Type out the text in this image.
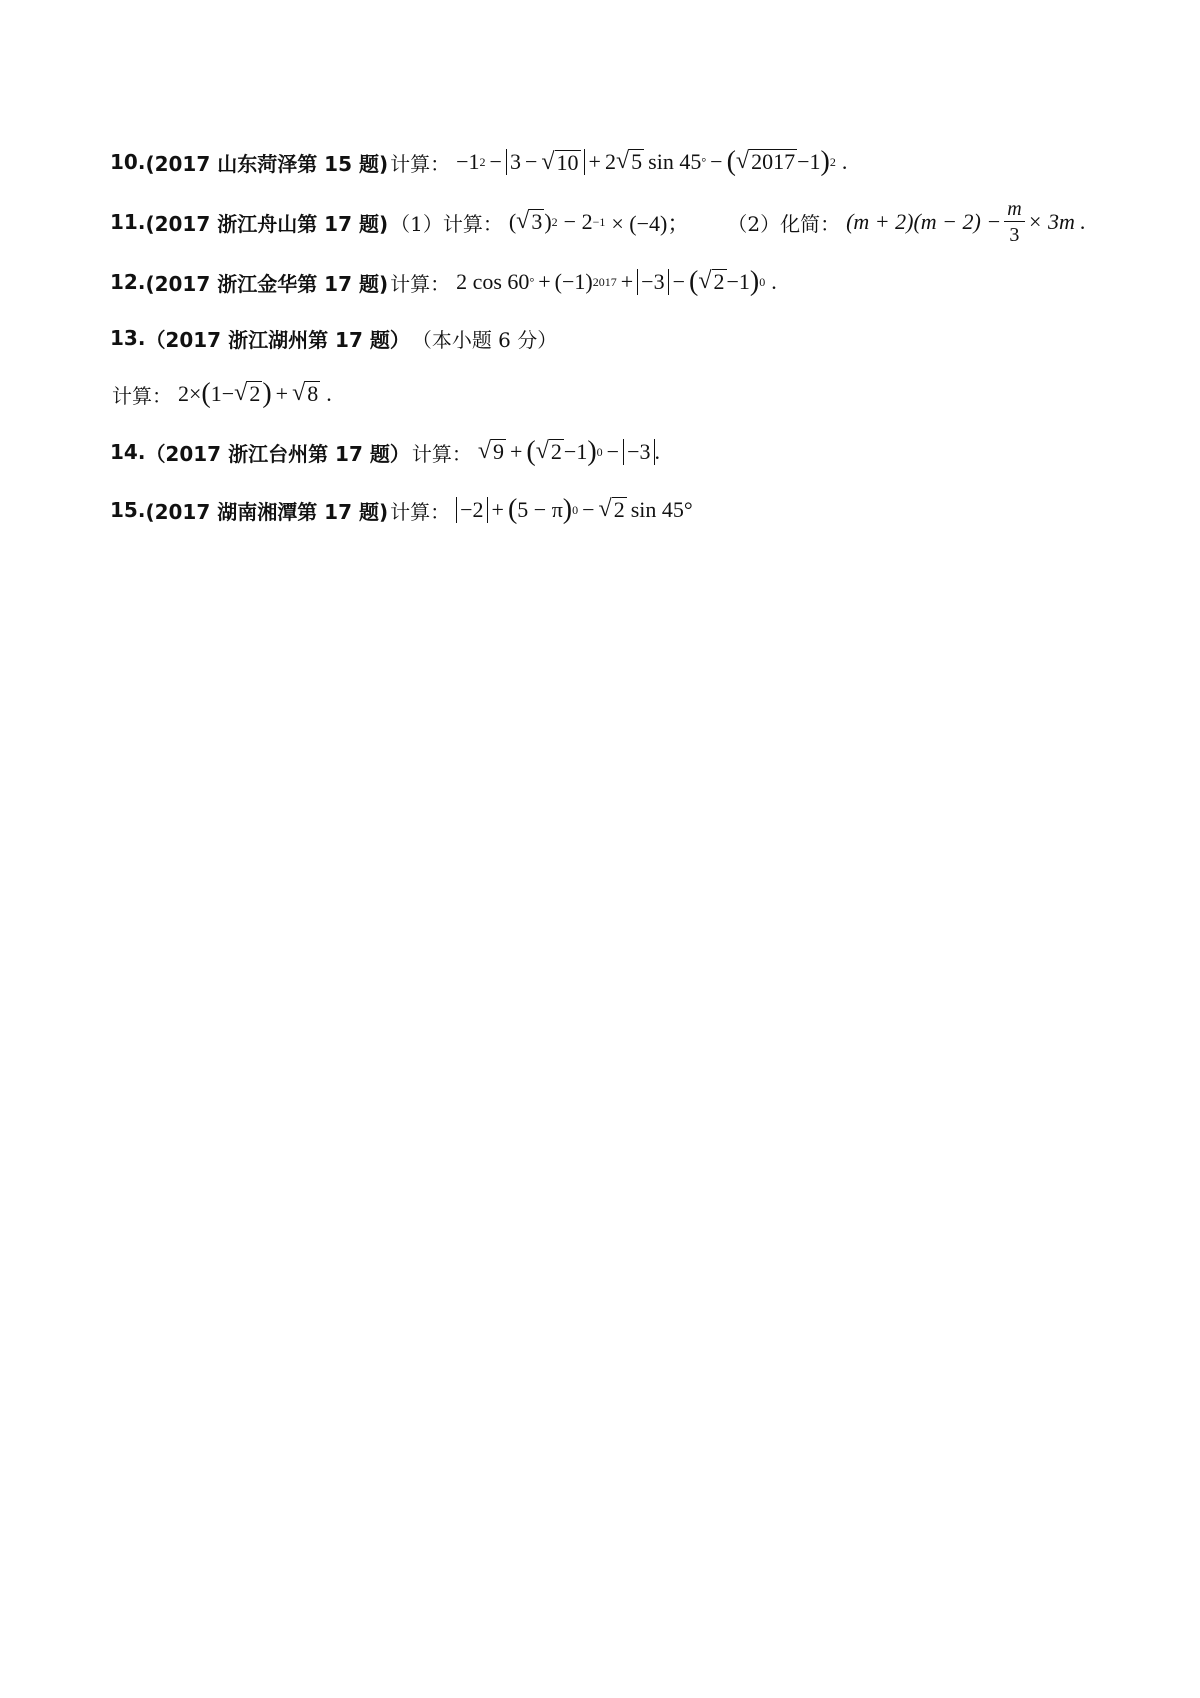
10. (2017 山东菏泽第 15 题) 计算： −1 2 − 3 − √ 10 + 2 √ 5 sin 45 ° − ( √ 2017 −1 ) 2 .
11. (2017 浙江舟山第 17 题) （1）计算： ( √ 3 ) 2 − 2 −1 × (−4)； （2）化简： $(m + 2)(m - 2) - \frac{m}{3} \times 3m$ .
12. (2017 浙江金华第 17 题) 计算： 2 cos 60 ° + (−1) 2017 + −3 − ( √ 2 −1 ) 0 .
13. （2017 浙江湖州第 17 题） （本小题 6 分）
计算： 2× ( 1− √ 2 ) + √ 8 .
14. （2017 浙江台州第 17 题） 计算： √ 9 + ( √ 2 −1 ) 0 − −3 .
15. (2017 湖南湘潭第 17 题) 计算： −2 + ( 5 − π ) 0 − √ 2 sin 45°
